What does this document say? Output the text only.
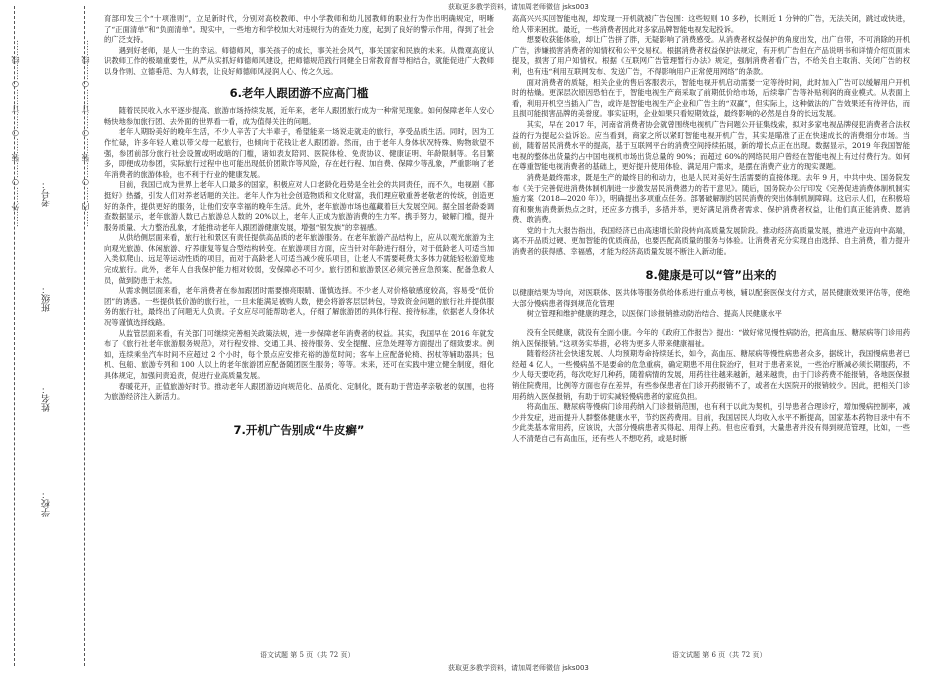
获取更多教学资料，请加周老师微信 jsks003
……外……○……装……○……订……○……线……	……内……○……装……○……订……○……线……
学校：
姓名：
班级：
考号：

育部印发三个“十项准则”，立足新时代，分别对高校教师、中小学教师和幼儿园教师的职业行为作出明确规定，明晰了“正面清单”和“负面清单”。现实中，一些地方和学校加大对违规行为的查处力度，起到了良好的警示作用，得到了社会的广泛支持。

遇到好老师，是人一生的幸运。师德师风，事关孩子的成长，事关社会风气，事关国家和民族的未来。从微观高度认识教师工作的极端重要性，从严从实抓好师德师风建设，把师德规范践行同健全日常教育督导相结合，就能促进广大教师以身作则、立德垂范、为人师表，让良好师德师风浸润人心、传之久远。

6.老年人跟团游不应高门槛

随着民民收入水平逐步提高、旅游市场持续发展，近年来，老年人跟团旅行成为一种常见现象。如何保障老年人安心畅快地参加旅行团、去外面的世界看一看，成为值得关注的问题。

老年人期盼美好的晚年生活，不少人辛苦了大半辈子，希望能来一场说走就走的旅行，享受品质生活。同时，因为工作忙碌，许多年轻人难以带父母一起旅行，也倾向于花钱让老人跟团游。然而，由于老年人身体状况特殊、购物欲望不强，参团前部分旅行社会设置或明或暗的门槛，诸如表友陪同、医院体检、免责协议、健康证明、年龄限制等。名目繁多，即便成功参团，实际旅行过程中也可能出现低价团欺诈等风险，存在赶行程、加自费、保障少等乱象，严重影响了老年消费者的旅游体验，也不利于行业的健康发展。

目前，我国已成为世界上老年人口最多的国家，积极应对人口老龄化趋势是全社会的共同责任，而不久，电视剧《都挺好》热播，引发人们对养老话题的关注。老年人作为社会创造物质和文化财富，我们理应敬重善老敬老的传统，创造更好的条件，提供更好的服务，让他们安享幸福的晚年生活。此外，老年旅游市场也蕴藏着巨大发展空间。据全国老龄委调查数据显示，老年旅游人数已占旅游总人数的 20%以上，老年人正成为旅游消费的生力军。携手努力，破解门槛，提升服务质量、大力整治乱象，才能推动老年人跟团游健康发展，增强“银发族”的幸福感。

从供给侧层面来看，旅行社和景区有责任提供高品质的老年旅游服务。在老年旅游产品结构上，应从以观光旅游为主向观光旅游、休闲旅游、疗养康复等复合型结构转变。在旅游项目方面，应当针对年龄进行细分，对于低龄老人可适当加入类似爬山、远足等运动性质的项目，而对于高龄老人可适当减少疲乐项目，让老人不需要耗费太多体力就能轻松游览地完成旅行。此外，老年人自我保护能力相对较弱，安保障必不可少。旅行团和旅游景区必须完善应急预案、配备急救人员，做到防患于未然。

从需求侧层面来看，老年消费者在参加跟团时需要擦亮眼睛、谨慎选择。不少老人对价格敏感度较高，容易受“低价团”的诱惑。一些提供低价游的旅行社，一旦未能满足被购人数，便会将游客层层转包，导致资金问题的旅行社并提供服务的旅行社，最终出了问题无人负责。子女应尽可能帮助老人，仔细了解旅游团的具体行程、接待标准，依据老人身体状况等谨慎选择线路。

从监管层面来看，有关部门可继续完善相关政策法规，进一步保障老年消费者的权益。其实，我国早在 2016 年就发布了《旅行社老年旅游服务规范》，对行程安排、交通工具、接待服务、安全提醒、应急处理等方面提出了细致要求。例如，连续乘坐汽车时间不应超过 2 个小时，每个景点应安排充裕的游览时间；客车上应配备轮椅、拐杖等辅助器具；包机、包船、旅游专列和 100 人以上的老年旅游团应配备随团医生服务；等等。未来，还可在实践中建立健全制度，细化具体规定，加强问责追责，促进行业高质量发展。

春暖花开，正值旅游好时节。推动老年人跟团游迈向规范化、品质化、定制化，既有助于营造孝亲敬老的氛围，也将为旅游经济注入新活力。

7.开机广告别成“牛皮癣”
语文试题 第 5 页（共 72 页）

高高兴兴买回智能电视，却发现一开机就被广告包围：这些短则 10 多秒，长则近 1 分钟的广告，无法关闭，跳过或快进，给人带来困扰。最近，一些消费者因此对多家品牌智能电视发起投诉。

想要收获能体验，却让广告拼了胖，无疑影响了消费感受。从消费者权益保护的角度出发，出广自带，不可消除的开机广告，涉嫌损害消费者的知情权和公平交易权。根据消费者权益保护法规定，有开机广告但在产品说明书和详情介绍页面未提及，损害了用户知情权。根据《互联网广告管理暂行办法》规定，强制消费者看广告，不给关自主取消、关闭广告的权利，也有违“利用互联网发布、发送广告，不得影响用户正常使用网络”的条款。

面对消费者的质疑，相关企业的售后客服表示，智能电视开机启动需要一定等待时间，此时加入广告可以缓解用户开机时的枯燥。更深层次原因恐怕在于，智能电视生产商采取了前期低价给市场，后续靠广告等补贴利润的商业模式。从表面上看，利用开机空当插入广告，或许是智能电视生产企业和广告主的“双赢”，但实际上，这种做法的广告效果还有待评估，而且损可能损害品牌的美誉度。事实证明，企业如果只看短期效益，最终影响的必然是自身的长远发展。

其实，早在 2017 年，河南省消费者协会就曾围绕电视机广告问题公开征集线索，拟对多家电视品牌侵犯消费者合法权益的行为提起公益诉讼。应当看到，商家之所以紧盯智能电视开机广告，其实是瞄准了正在快速成长的消费细分市场。当前，随着居民消费水平的提高，基于互联网平台的消费空间持续拓展，新的增长点正在出现。数据显示，2019 年我国智能电视的整体出货量约占中国电视机市场出货总量的 90%；而超过 60%的网络民用户曾经在智能电视上有过付费行为。如何在尊重智能电视消费者的基础上，更好提升使用体验、满足用户需求，是摆在消费产业方的现实课题。

消费是最终需求，既是生产的最终目的和动力，也是人民对美好生活需要的直接体现。去年 9 月，中共中央、国务院发布《关于完善促进消费体制机制进一步激发居民消费潜力的若干意见》。随后，国务院办公厅印发《完善促进消费体制机制实施方案（2018—2020 年）》，明确提出多项重点任务。部署破解制约居民消费的突出体制机制障碍。这启示人们，在积极培育和聚焦消费新热点之时，还应多方携手，多措并举，更好满足消费者需求、保护消费者权益，让他们真正能消费、愿消费、敢消费。

党的十九大报告指出，我国经济已由高速增长阶段转向高质量发展阶段。推动经济高质量发展，推进产业迈向中高端，离不开品质过硬、更加智能的优质商品，也要匹配高质量的服务与体验。让消费者充分实现自由选择、自主消费，着力提升消费者的获得感、幸福感，才能为经济高质量发展不断注入新动能。

8.健康是可以“管”出来的

以健康结果为导向，对医联体、医共体等服务供给体系进行重点考核，辅以配套医保支付方式，居民健康效果评估等，使绝大部分慢病患者得到规范化管理

树立管理和维护健康的理念，以医保门诊报销推动防治结合、提高人民健康水平

没有全民健康，就没有全面小康。今年的《政府工作报告》提出：“做好常见慢性病防治，把高血压、糖尿病等门诊用药纳入医保报销。”这项务实举措，必将为更多人带来健康福祉。

随着经济社会快速发展、人均预期寿命持续延长，如今，高血压、糖尿病等慢性病患者众多，据统计，我国慢病患者已经超 4 亿人，一些慢病虽不是要命的危急重病，确定期患不用住院治疗，但对于患者来说，一些治疗断减必须长期服药，不少人每天要吃药，每次吃好几种药，随着病情的发展，用药往往越来越新，越来越贵，由于门诊药费不能报销，各地医保报销住院费用，比例等方面也存在差异，有些参保患者在门诊开药报销不了，或者在大医院开的报销较少。因此，把相关门诊用药纳入医保报销，有助于切实减轻慢病患者的家庭负担。

将高血压、糖尿病等慢病门诊用药纳入门诊报销范围，也有利于以此为契机，引导患者合理诊疗，增加慢病控制率，减少并发症，进而提升人群整体健康水平，节约医药费用。目前，我国居民人均收入水平不断提高，国家基本药物目录中有不少此类基本常用药，应该说，大部分慢病患者买得起、用得上药。但也应看到，大量患者并没有得到规范管理，比如，一些人不清楚自己有高血压，还有些人不想吃药，或是时断

语文试题 第 6 页（共 72 页）
获取更多教学资料，请加周老师微信 jsks003
